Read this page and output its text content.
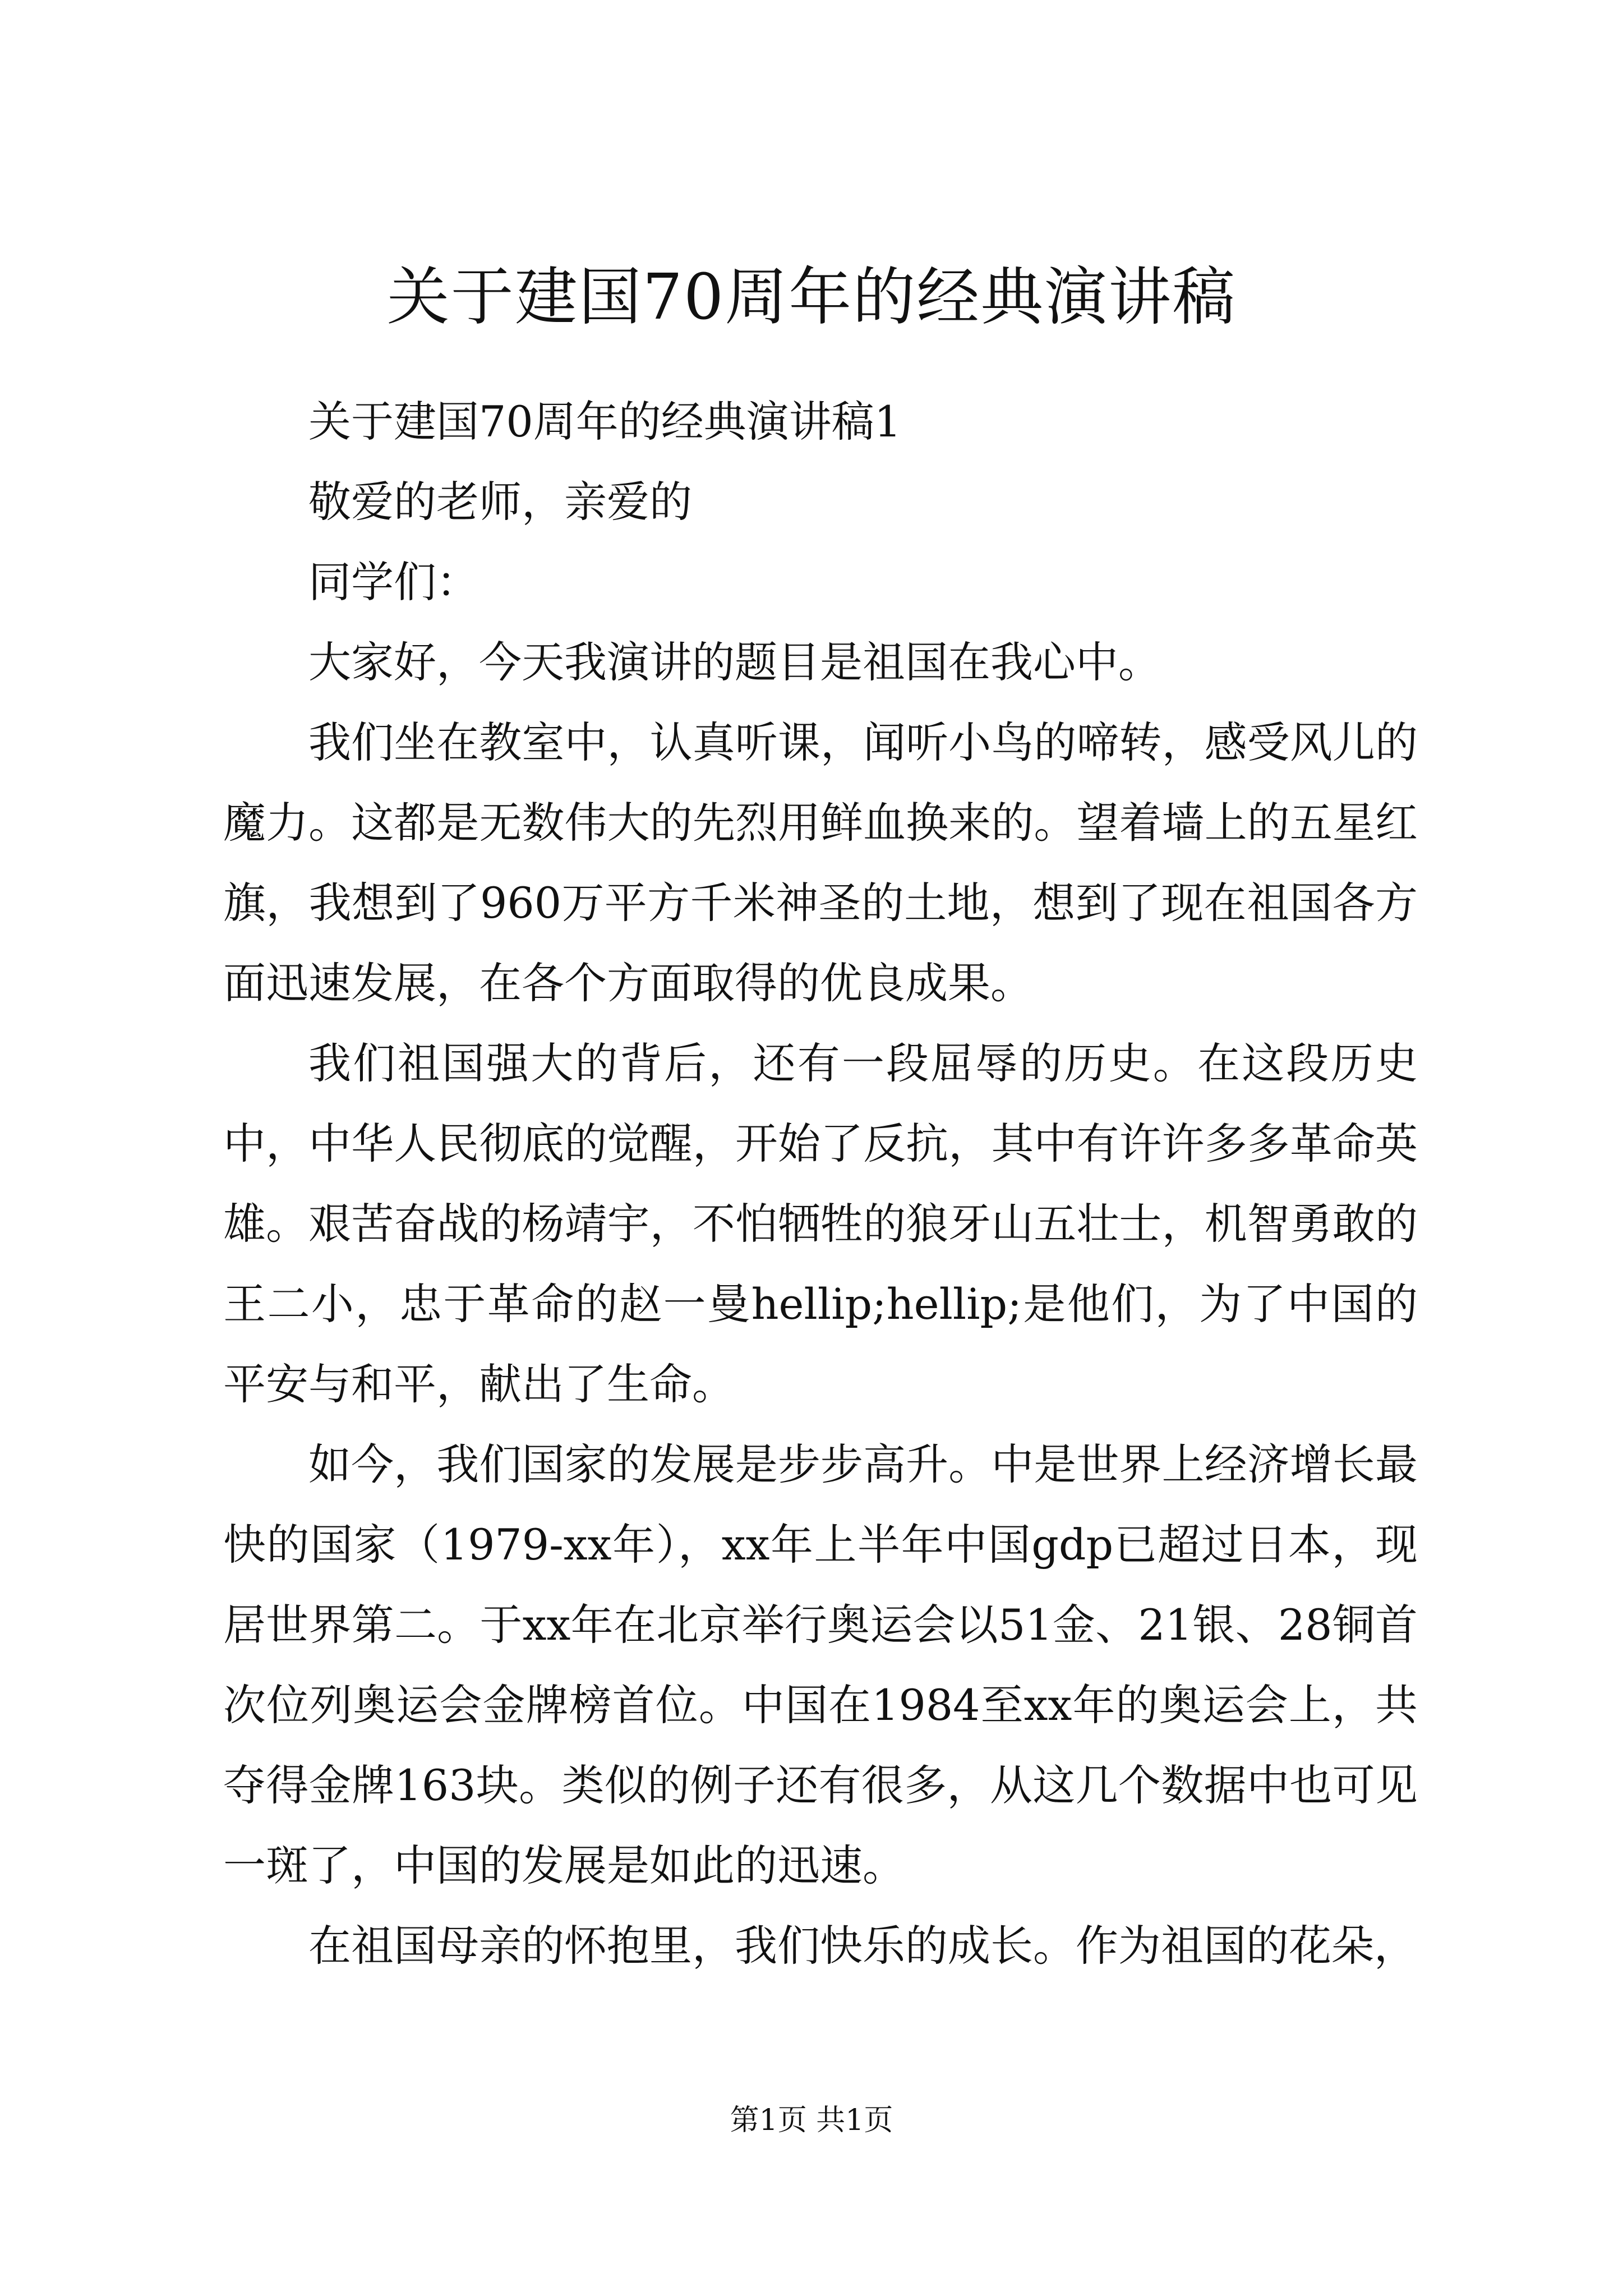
关于建国70周年的经典演讲稿

关于建国70周年的经典演讲稿1

敬爱的老师，亲爱的

同学们：

大家好，今天我演讲的题目是祖国在我心中。

我们坐在教室中，认真听课，闻听小鸟的啼转，感受风儿的魔力。这都是无数伟大的先烈用鲜血换来的。望着墙上的五星红旗，我想到了960万平方千米神圣的土地，想到了现在祖国各方面迅速发展，在各个方面取得的优良成果。

我们祖国强大的背后，还有一段屈辱的历史。在这段历史中，中华人民彻底的觉醒，开始了反抗，其中有许许多多革命英雄。艰苦奋战的杨靖宇，不怕牺牲的狼牙山五壮士，机智勇敢的王二小，忠于革命的赵一曼hellip;hellip;是他们，为了中国的平安与和平，献出了生命。

如今，我们国家的发展是步步高升。中是世界上经济增长最快的国家（1979-xx年），xx年上半年中国gdp已超过日本，现居世界第二。于xx年在北京举行奥运会以51金、21银、28铜首次位列奥运会金牌榜首位。中国在1984至xx年的奥运会上，共夺得金牌163块。类似的例子还有很多，从这几个数据中也可见一斑了，中国的发展是如此的迅速。

在祖国母亲的怀抱里，我们快乐的成长。作为祖国的花朵，

第1页 共1页
